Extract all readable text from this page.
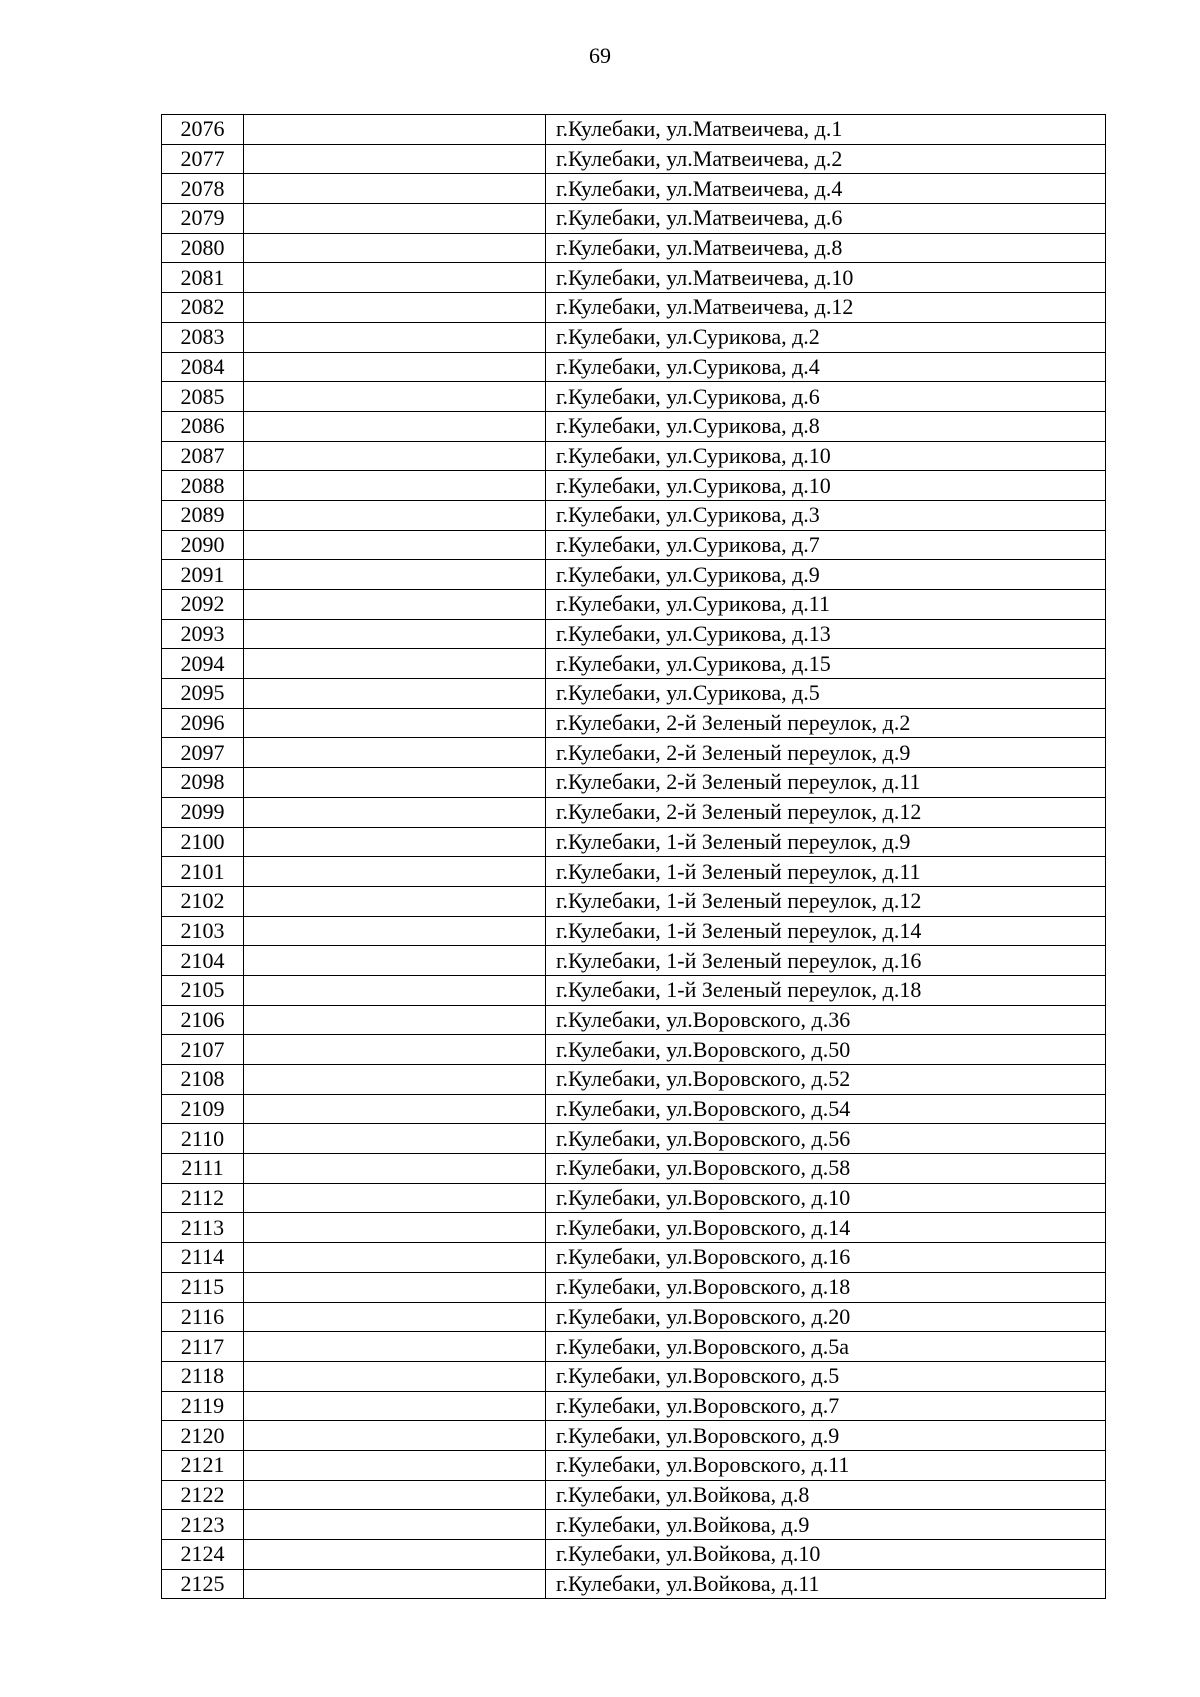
69
2076		г.Кулебаки, ул.Матвеичева, д.1
2077		г.Кулебаки, ул.Матвеичева, д.2
2078		г.Кулебаки, ул.Матвеичева, д.4
2079		г.Кулебаки, ул.Матвеичева, д.6
2080		г.Кулебаки, ул.Матвеичева, д.8
2081		г.Кулебаки, ул.Матвеичева, д.10
2082		г.Кулебаки, ул.Матвеичева, д.12
2083		г.Кулебаки, ул.Сурикова, д.2
2084		г.Кулебаки, ул.Сурикова, д.4
2085		г.Кулебаки, ул.Сурикова, д.6
2086		г.Кулебаки, ул.Сурикова, д.8
2087		г.Кулебаки, ул.Сурикова, д.10
2088		г.Кулебаки, ул.Сурикова, д.10
2089		г.Кулебаки, ул.Сурикова, д.3
2090		г.Кулебаки, ул.Сурикова, д.7
2091		г.Кулебаки, ул.Сурикова, д.9
2092		г.Кулебаки, ул.Сурикова, д.11
2093		г.Кулебаки, ул.Сурикова, д.13
2094		г.Кулебаки, ул.Сурикова, д.15
2095		г.Кулебаки, ул.Сурикова, д.5
2096		г.Кулебаки, 2-й Зеленый переулок, д.2
2097		г.Кулебаки, 2-й Зеленый переулок, д.9
2098		г.Кулебаки, 2-й Зеленый переулок, д.11
2099		г.Кулебаки, 2-й Зеленый переулок, д.12
2100		г.Кулебаки, 1-й Зеленый переулок, д.9
2101		г.Кулебаки, 1-й Зеленый переулок, д.11
2102		г.Кулебаки, 1-й Зеленый переулок, д.12
2103		г.Кулебаки, 1-й Зеленый переулок, д.14
2104		г.Кулебаки, 1-й Зеленый переулок, д.16
2105		г.Кулебаки, 1-й Зеленый переулок, д.18
2106		г.Кулебаки, ул.Воровского, д.36
2107		г.Кулебаки, ул.Воровского, д.50
2108		г.Кулебаки, ул.Воровского, д.52
2109		г.Кулебаки, ул.Воровского, д.54
2110		г.Кулебаки, ул.Воровского, д.56
2111		г.Кулебаки, ул.Воровского, д.58
2112		г.Кулебаки, ул.Воровского, д.10
2113		г.Кулебаки, ул.Воровского, д.14
2114		г.Кулебаки, ул.Воровского, д.16
2115		г.Кулебаки, ул.Воровского, д.18
2116		г.Кулебаки, ул.Воровского, д.20
2117		г.Кулебаки, ул.Воровского, д.5а
2118		г.Кулебаки, ул.Воровского, д.5
2119		г.Кулебаки, ул.Воровского, д.7
2120		г.Кулебаки, ул.Воровского, д.9
2121		г.Кулебаки, ул.Воровского, д.11
2122		г.Кулебаки, ул.Войкова, д.8
2123		г.Кулебаки, ул.Войкова, д.9
2124		г.Кулебаки, ул.Войкова, д.10
2125		г.Кулебаки, ул.Войкова, д.11
